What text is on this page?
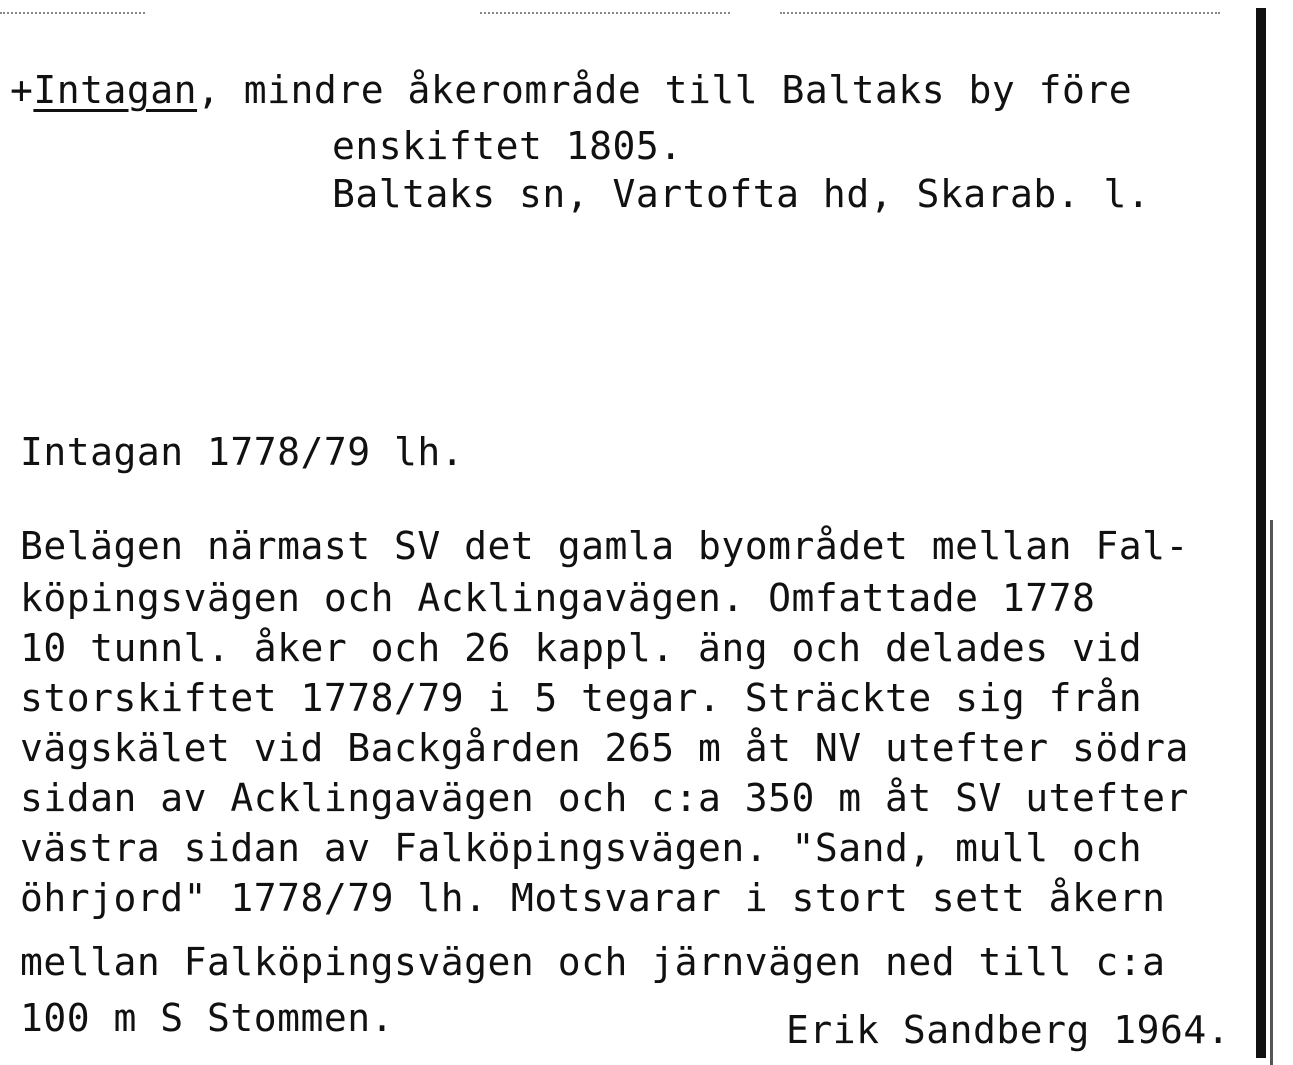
+Intagan, mindre åkerområde till Baltaks by före
enskiftet 1805.
Baltaks sn, Vartofta hd, Skarab. l.
Intagan 1778/79 lh.
Belägen närmast SV det gamla byområdet mellan Fal-
köpingsvägen och Acklingavägen. Omfattade 1778
10 tunnl. åker och 26 kappl. äng och delades vid
storskiftet 1778/79 i 5 tegar. Sträckte sig från
vägskälet vid Backgården 265 m åt NV utefter södra
sidan av Acklingavägen och c:a 350 m åt SV utefter
västra sidan av Falköpingsvägen. "Sand, mull och
öhrjord" 1778/79 lh. Motsvarar i stort sett åkern
mellan Falköpingsvägen och järnvägen ned till c:a
100 m S Stommen.	Erik Sandberg 1964.
